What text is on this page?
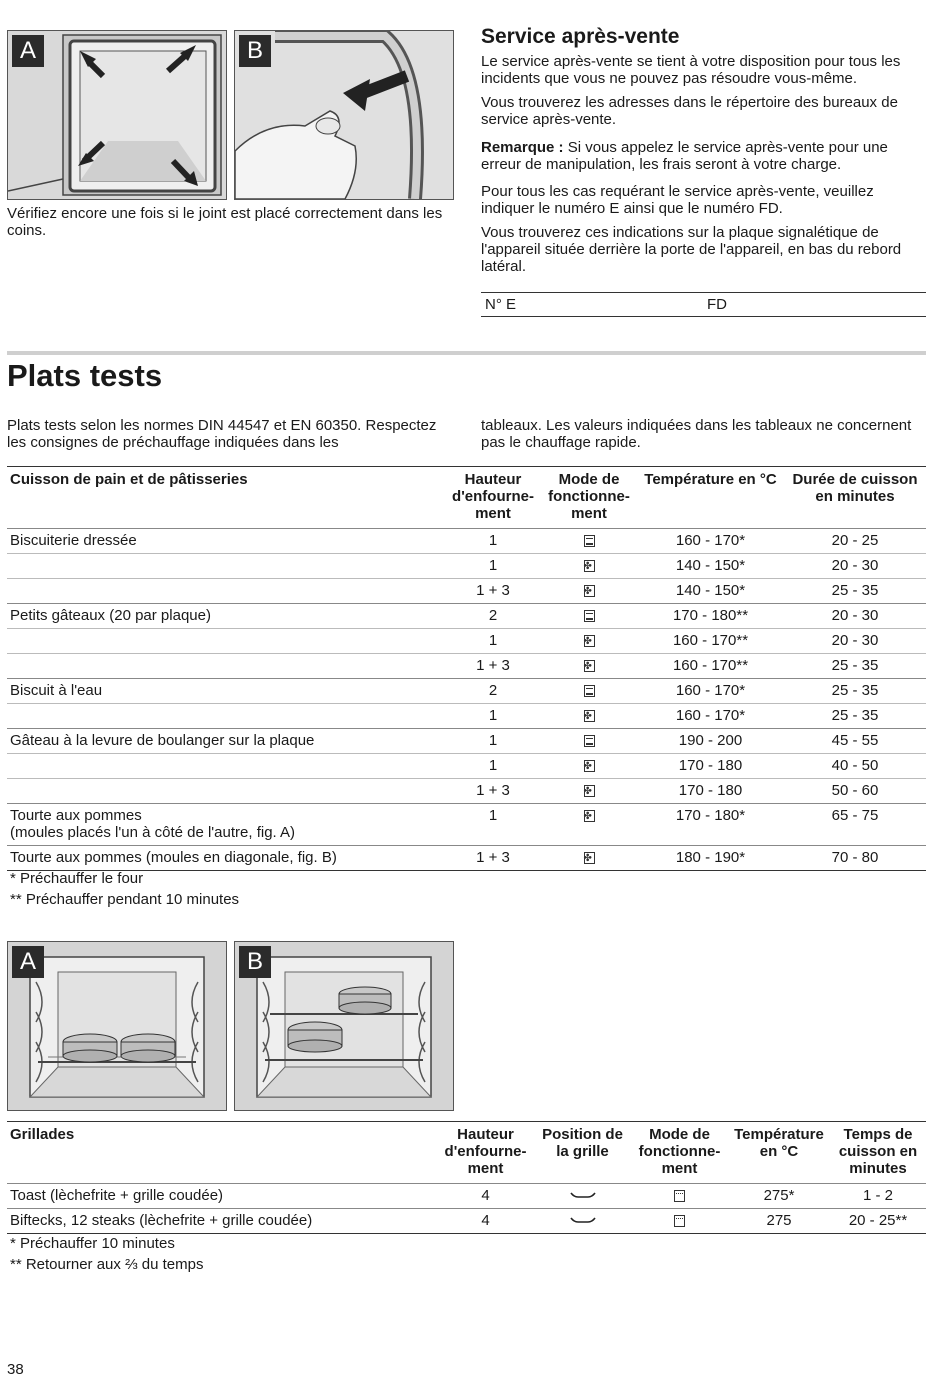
A	B

Vérifiez encore une fois si le joint est placé correctement dans les coins.

Service après-vente

Le service après-vente se tient à votre disposition pour tous les incidents que vous ne pouvez pas résoudre vous-même.

Vous trouverez les adresses dans le répertoire des bureaux de service après-vente.

Remarque : Si vous appelez le service après-vente pour une erreur de manipulation, les frais seront à votre charge.

Pour tous les cas requérant le service après-vente, veuillez indiquer le numéro E ainsi que le numéro FD.

Vous trouverez ces indications sur la plaque signalétique de l'appareil située derrière la porte de l'appareil, en bas du rebord latéral.

N° E	FD
Plats tests

Plats tests selon les normes DIN 44547 et EN 60350. Respectez les consignes de préchauffage indiquées dans les

tableaux. Les valeurs indiquées dans les tableaux ne concernent pas le chauffage rapide.

Cuisson de pain et de pâtisseries	Hauteur d'enfourne- ment	Mode de fonctionne- ment	Température en °C	Durée de cuisson en minutes
Biscuiterie dressée	1		160 - 170*	20 - 25
	1	✤	140 - 150*	20 - 30
	1 + 3	✤	140 - 150*	25 - 35
Petits gâteaux (20 par plaque)	2		170 - 180**	20 - 30
	1	✤	160 - 170**	20 - 30
	1 + 3	✤	160 - 170**	25 - 35
Biscuit à l'eau	2		160 - 170*	25 - 35
	1	✤	160 - 170*	25 - 35
Gâteau à la levure de boulanger sur la plaque	1		190 - 200	45 - 55
	1	✤	170 - 180	40 - 50
	1 + 3	✤	170 - 180	50 - 60
Tourte aux pommes
(moules placés l'un à côté de l'autre, fig. A)	1	✤	170 - 180*	65 - 75
Tourte aux pommes (moules en diagonale, fig. B)	1 + 3	✤	180 - 190*	70 - 80

* Préchauffer le four

** Préchauffer pendant 10 minutes

A	B
Grillades	Hauteur d'enfourne- ment	Position de la grille	Mode de fonctionne- ment	Température en °C	Temps de cuisson en minutes
Toast (lèchefrite + grille coudée)	4			275*	1 - 2
Biftecks, 12 steaks (lèchefrite + grille coudée)	4			275	20 - 25**

* Préchauffer 10 minutes

** Retourner aux ⅔ du temps

38
